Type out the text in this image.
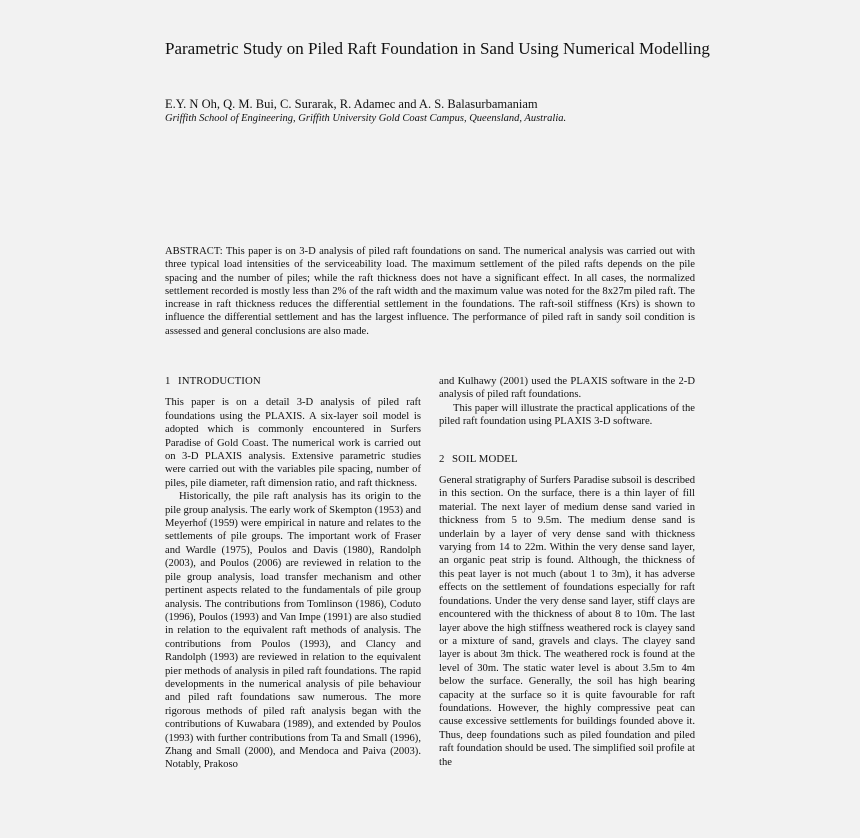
Parametric Study on Piled Raft Foundation in Sand Using Numerical Modelling
E.Y. N Oh, Q. M. Bui, C. Surarak, R. Adamec and A. S. Balasurbamaniam
Griffith School of Engineering, Griffith University Gold Coast Campus, Queensland, Australia.
ABSTRACT: This paper is on 3-D analysis of piled raft foundations on sand. The numerical analysis was carried out with three typical load intensities of the serviceability load. The maximum settlement of the piled rafts depends on the pile spacing and the number of piles; while the raft thickness does not have a significant effect. In all cases, the normalized settlement recorded is mostly less than 2% of the raft width and the maximum value was noted for the 8x27m piled raft. The increase in raft thickness reduces the differential settlement in the foundations. The raft-soil stiffness (Krs) is shown to influence the differential settlement and has the largest influence. The performance of piled raft in sandy soil condition is assessed and general conclusions are also made.
1 INTRODUCTION

This paper is on a detail 3-D analysis of piled raft foundations using the PLAXIS. A six-layer soil model is adopted which is commonly encountered in Surfers Paradise of Gold Coast. The numerical work is carried out on 3-D PLAXIS analysis. Extensive parametric studies were carried out with the variables pile spacing, number of piles, pile diameter, raft dimension ratio, and raft thickness.

Historically, the pile raft analysis has its origin to the pile group analysis. The early work of Skempton (1953) and Meyerhof (1959) were empirical in nature and relates to the settlements of pile groups. The important work of Fraser and Wardle (1975), Poulos and Davis (1980), Randolph (2003), and Poulos (2006) are reviewed in relation to the pile group analysis, load transfer mechanism and other pertinent aspects related to the fundamentals of pile group analysis. The contributions from Tomlinson (1986), Coduto (1996), Poulos (1993) and Van Impe (1991) are also studied in relation to the equivalent raft methods of analysis. The contributions from Poulos (1993), and Clancy and Randolph (1993) are reviewed in relation to the equivalent pier methods of analysis in piled raft foundations. The rapid developments in the numerical analysis of pile behaviour and piled raft foundations saw numerous. The more rigorous methods of piled raft analysis began with the contributions of Kuwabara (1989), and extended by Poulos (1993) with further contributions from Ta and Small (1996), Zhang and Small (2000), and Mendoca and Paiva (2003). Notably, Prakoso

and Kulhawy (2001) used the PLAXIS software in the 2-D analysis of piled raft foundations.

This paper will illustrate the practical applications of the piled raft foundation using PLAXIS 3-D software.

2 SOIL MODEL

General stratigraphy of Surfers Paradise subsoil is described in this section. On the surface, there is a thin layer of fill material. The next layer of medium dense sand varied in thickness from 5 to 9.5m. The medium dense sand is underlain by a layer of very dense sand with thickness varying from 14 to 22m. Within the very dense sand layer, an organic peat strip is found. Although, the thickness of this peat layer is not much (about 1 to 3m), it has adverse effects on the settlement of foundations especially for raft foundations. Under the very dense sand layer, stiff clays are encountered with the thickness of about 8 to 10m. The last layer above the high stiffness weathered rock is clayey sand or a mixture of sand, gravels and clays. The clayey sand layer is about 3m thick. The weathered rock is found at the level of 30m. The static water level is about 3.5m to 4m below the surface. Generally, the soil has high bearing capacity at the surface so it is quite favourable for raft foundations. However, the highly compressive peat can cause excessive settlements for buildings founded above it. Thus, deep foundations such as piled foundation and piled raft foundation should be used. The simplified soil profile at the
